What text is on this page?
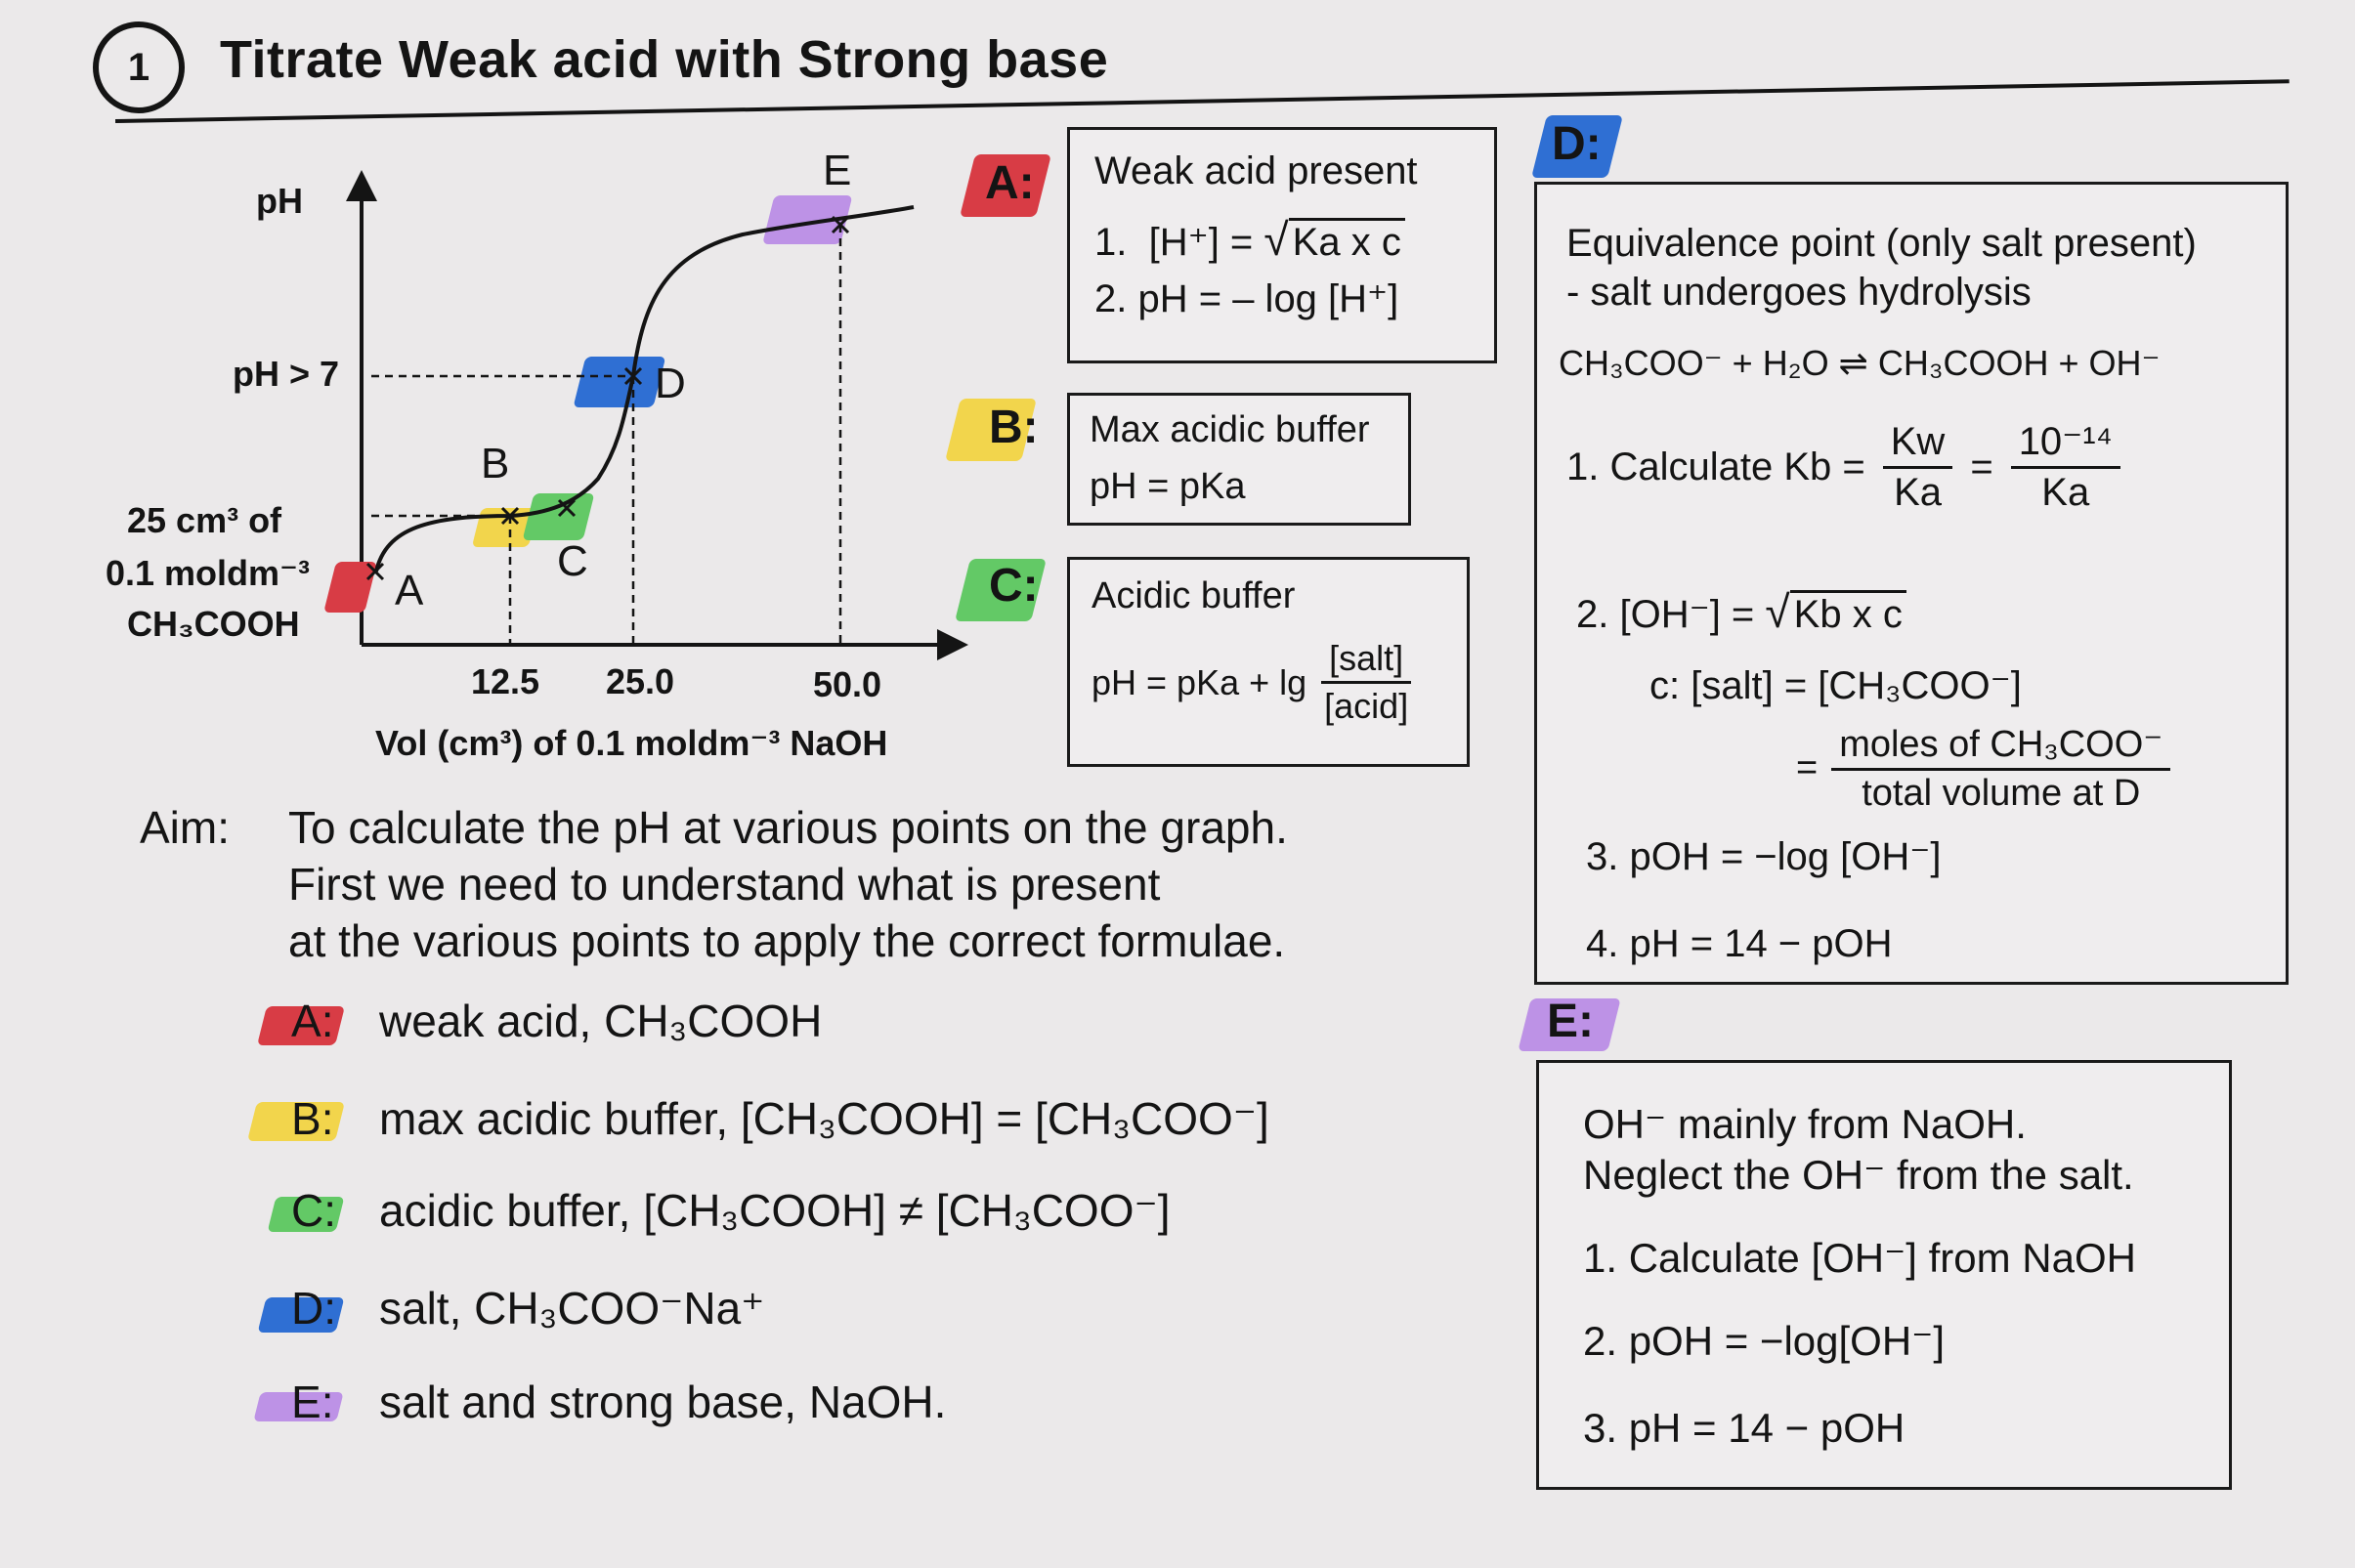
1 Titrate Weak acid with Strong base
pH
pH > 7
25 cm³ of
0.1 moldm⁻³
CH₃COOH
A
B
C
D
E
12.5 25.0	50.0
Vol (cm³) of 0.1 moldm⁻³ NaOH
A: Weak acid present
1. [H⁺] = √ Ka x c
2. pH = – log [H⁺]
B: Max acidic buffer
pH = pKa
C: Acidic buffer
pH = pKa + $\lg \frac{\text{[salt]}}{\text{[acid]}}$
D:
Equivalence point (only salt present)
- salt undergoes hydrolysis
CH₃COO⁻ + H₂O ⇌ CH₃COOH + OH⁻
1. Calculate $Kb = \frac{Kw}{Ka} = \frac{\text{10⁻¹⁴}}{Ka}$
2. [OH⁻] = √ Kb x c
c: [salt] = [CH₃COO⁻]
= $\frac{\text{moles of CH₃COO⁻}}{\text{total volume at D}}$
3. pOH = −log [OH⁻]
4. pH = 14 − pOH
E:
OH⁻ mainly from NaOH.
Neglect the OH⁻ from the salt.
1. Calculate [OH⁻] from NaOH
2. pOH = −log[OH⁻]
3. pH = 14 − pOH
Aim: To calculate the pH at various points on the graph.
First we need to understand what is present
at the various points to apply the correct formulae.
A: weak acid, CH₃COOH
B: max acidic buffer, [CH₃COOH] = [CH₃COO⁻]
C: acidic buffer, [CH₃COOH] ≠ [CH₃COO⁻]
D: salt, CH₃COO⁻Na⁺
E: salt and strong base, NaOH.
